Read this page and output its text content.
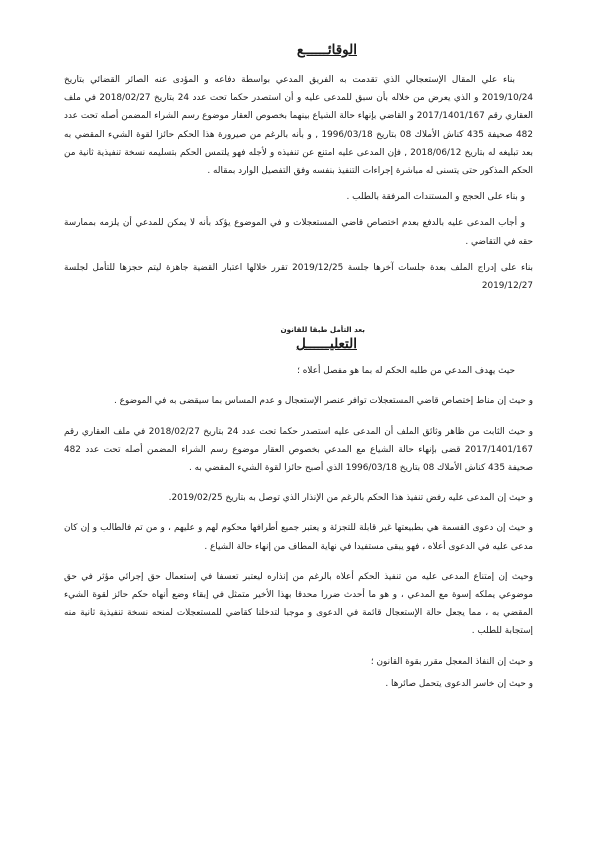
الوقائــــــع

بناء علي المقال الإستعجالي الذي تقدمت به الفريق المدعي بواسطة دفاعه و المؤدى عنه الصائر القضائي بتاريخ 2019/10/24 و الذي يعرض من خلاله بأن سبق للمدعى عليه و أن استصدر حكما تحت عدد 24 بتاريخ 2018/02/27 في ملف العقاري رقم 2017/1401/167 و القاضي بإنهاء حالة الشياع بينهما بخصوص العقار موضوع رسم الشراء المضمن أصله تحت عدد 482 صحيفة 435 كناش الأملاك 08 بتاريخ 1996/03/18 , و بأنه بالرغم من صيرورة هذا الحكم حائزا لقوة الشيء المقضي به بعد تبليغه له بتاريخ 2018/06/12 , فإن المدعى عليه امتنع عن تنفيذه و لأجله فهو يلتمس الحكم بتسليمه نسخة تنفيذية ثانية من الحكم المذكور حتى يتسنى له مباشرة إجراءات التنفيذ بنفسه وفق التفصيل الوارد بمقاله .

و بناء على الحجج و المستندات المرفقة بالطلب .

و أجاب المدعى عليه بالدفع بعدم اختصاص قاضي المستعجلات و في الموضوع يؤكد بأنه لا يمكن للمدعي أن يلزمه بممارسة حقه في التقاضي .

بناء على إدراج الملف بعدة جلسات آخرها جلسة 2019/12/25 تقرر خلالها اعتبار القضية جاهزة ليتم حجزها للتأمل لجلسة 2019/12/27

بعد التأمل طبقا للقانون
التعليــــــل

حيث يهدف المدعي من طلبه الحكم له بما هو مفصل أعلاه ؛

و حيث إن مناط إختصاص قاضي المستعجلات توافر عنصر الإستعجال و عدم المساس بما سيقضى به في الموضوع .

و حيث الثابت من ظاهر وثائق الملف أن المدعى عليه استصدر حكما تحت عدد 24 بتاريخ 2018/02/27 في ملف العقاري رقم 2017/1401/167 قضى بإنهاء حالة الشياع مع المدعي بخصوص العقار موضوع رسم الشراء المضمن أصله تحت عدد 482 صحيفة 435 كناش الأملاك 08 بتاريخ 1996/03/18 الذي أصبح حائزا لقوة الشيء المقضي به .

و حيث إن المدعى عليه رفض تنفيذ هذا الحكم بالرغم من الإنذار الذي توصل به بتاريخ 2019/02/25.

و حيث إن دعوى القسمة هي بطبيعتها غير قابلة للتجزئة و يعتبر جميع أطرافها محكوم لهم و عليهم ، و من تم فالطالب و إن كان مدعى عليه في الدعوى أعلاه ، فهو يبقى مستفيدا في نهاية المطاف من إنهاء حالة الشياع .

وحيث إن إمتناع المدعى عليه من تنفيذ الحكم أعلاه بالرغم من إنذاره ليعتبر تعسفا في إستعمال حق إجرائي مؤثر في حق موضوعي يملكه إسوة مع المدعي ، و هو ما أحدث ضررا محدقا بهذا الأخير متمثل في إبقاء وضع أنهاه حكم حائز لقوة الشيء المقضي به ، مما يجعل حالة الإستعجال قائمة في الدعوى و موجبا لتدخلنا كقاضي للمستعجلات لمنحه نسخة تنفيذية ثانية منه إستجابة للطلب .

و حيث إن النفاذ المعجل مقرر بقوة القانون ؛

و حيث إن خاسر الدعوى يتحمل صائرها .
